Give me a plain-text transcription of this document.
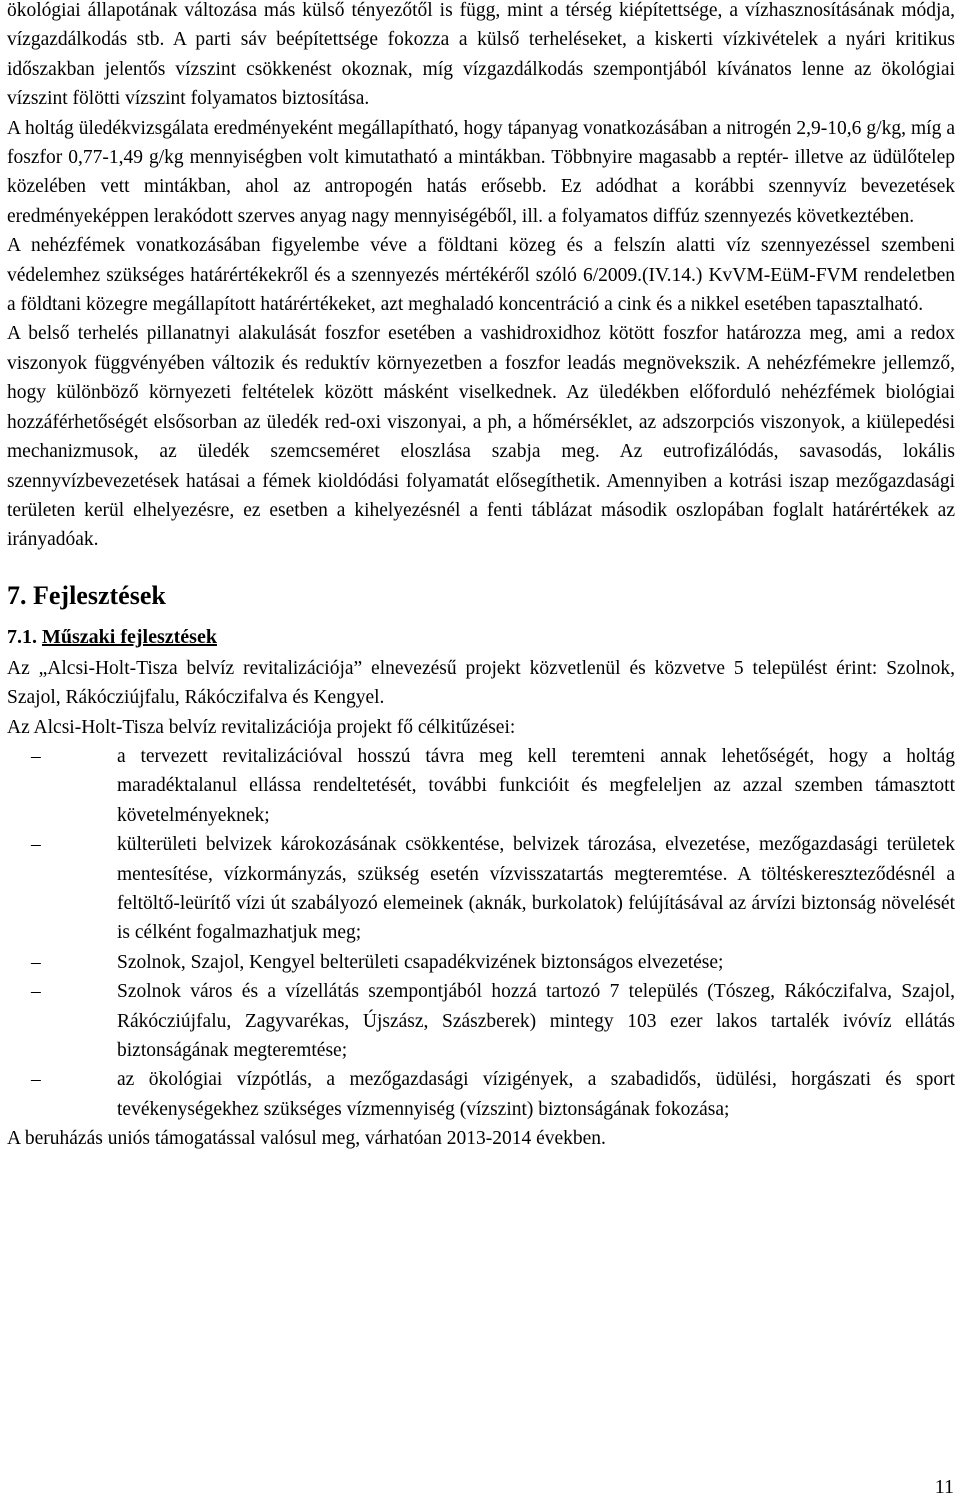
ökológiai állapotának változása más külső tényezőtől is függ, mint a térség kiépítettsége, a vízhasznosításának módja, vízgazdálkodás stb. A parti sáv beépítettsége fokozza a külső terheléseket, a kiskerti vízkivételek a nyári kritikus időszakban jelentős vízszint csökkenést okoznak, míg vízgazdálkodás szempontjából kívánatos lenne az ökológiai vízszint fölötti vízszint folyamatos biztosítása.

A holtág üledékvizsgálata eredményeként megállapítható, hogy tápanyag vonatkozásában a nitrogén 2,9-10,6 g/kg, míg a foszfor 0,77-1,49 g/kg mennyiségben volt kimutatható a mintákban. Többnyire magasabb a reptér- illetve az üdülőtelep közelében vett mintákban, ahol az antropogén hatás erősebb. Ez adódhat a korábbi szennyvíz bevezetések eredményeképpen lerakódott szerves anyag nagy mennyiségéből, ill. a folyamatos diffúz szennyezés következtében.

A nehézfémek vonatkozásában figyelembe véve a földtani közeg és a felszín alatti víz szennyezéssel szembeni védelemhez szükséges határértékekről és a szennyezés mértékéről szóló 6/2009.(IV.14.) KvVM-EüM-FVM rendeletben a földtani közegre megállapított határértékeket, azt meghaladó koncentráció a cink és a nikkel esetében tapasztalható.

A belső terhelés pillanatnyi alakulását foszfor esetében a vashidroxidhoz kötött foszfor határozza meg, ami a redox viszonyok függvényében változik és reduktív környezetben a foszfor leadás megnövekszik. A nehézfémekre jellemző, hogy különböző környezeti feltételek között másként viselkednek. Az üledékben előforduló nehézfémek biológiai hozzáférhetőségét elsősorban az üledék red-oxi viszonyai, a ph, a hőmérséklet, az adszorpciós viszonyok, a kiülepedési mechanizmusok, az üledék szemcseméret eloszlása szabja meg. Az eutrofizálódás, savasodás, lokális szennyvízbevezetések hatásai a fémek kioldódási folyamatát elősegíthetik. Amennyiben a kotrási iszap mezőgazdasági területen kerül elhelyezésre, ez esetben a kihelyezésnél a fenti táblázat második oszlopában foglalt határértékek az irányadóak.

7. Fejlesztések
7.1. Műszaki fejlesztések

Az „Alcsi-Holt-Tisza belvíz revitalizációja” elnevezésű projekt közvetlenül és közvetve 5 települést érint: Szolnok, Szajol, Rákócziújfalu, Rákóczifalva és Kengyel.

Az Alcsi-Holt-Tisza belvíz revitalizációja projekt fő célkitűzései:

–	a tervezett revitalizációval hosszú távra meg kell teremteni annak lehetőségét, hogy a holtág maradéktalanul ellássa rendeltetését, további funkcióit és megfeleljen az azzal szemben támasztott követelményeknek;
–	külterületi belvizek károkozásának csökkentése, belvizek tározása, elvezetése, mezőgazdasági területek mentesítése, vízkormányzás, szükség esetén vízvisszatartás megteremtése. A töltéskereszteződésnél a feltöltő-leürítő vízi út szabályozó elemeinek (aknák, burkolatok) felújításával az árvízi biztonság növelését is célként fogalmazhatjuk meg;
–	Szolnok, Szajol, Kengyel belterületi csapadékvizének biztonságos elvezetése;
–	Szolnok város és a vízellátás szempontjából hozzá tartozó 7 település (Tószeg, Rákóczifalva, Szajol, Rákócziújfalu, Zagyvarékas, Újszász, Szászberek) mintegy 103 ezer lakos tartalék ivóvíz ellátás biztonságának megteremtése;
–	az ökológiai vízpótlás, a mezőgazdasági vízigények, a szabadidős, üdülési, horgászati és sport tevékenységekhez szükséges vízmennyiség (vízszint) biztonságának fokozása;

A beruházás uniós támogatással valósul meg, várhatóan 2013-2014 években.

11
